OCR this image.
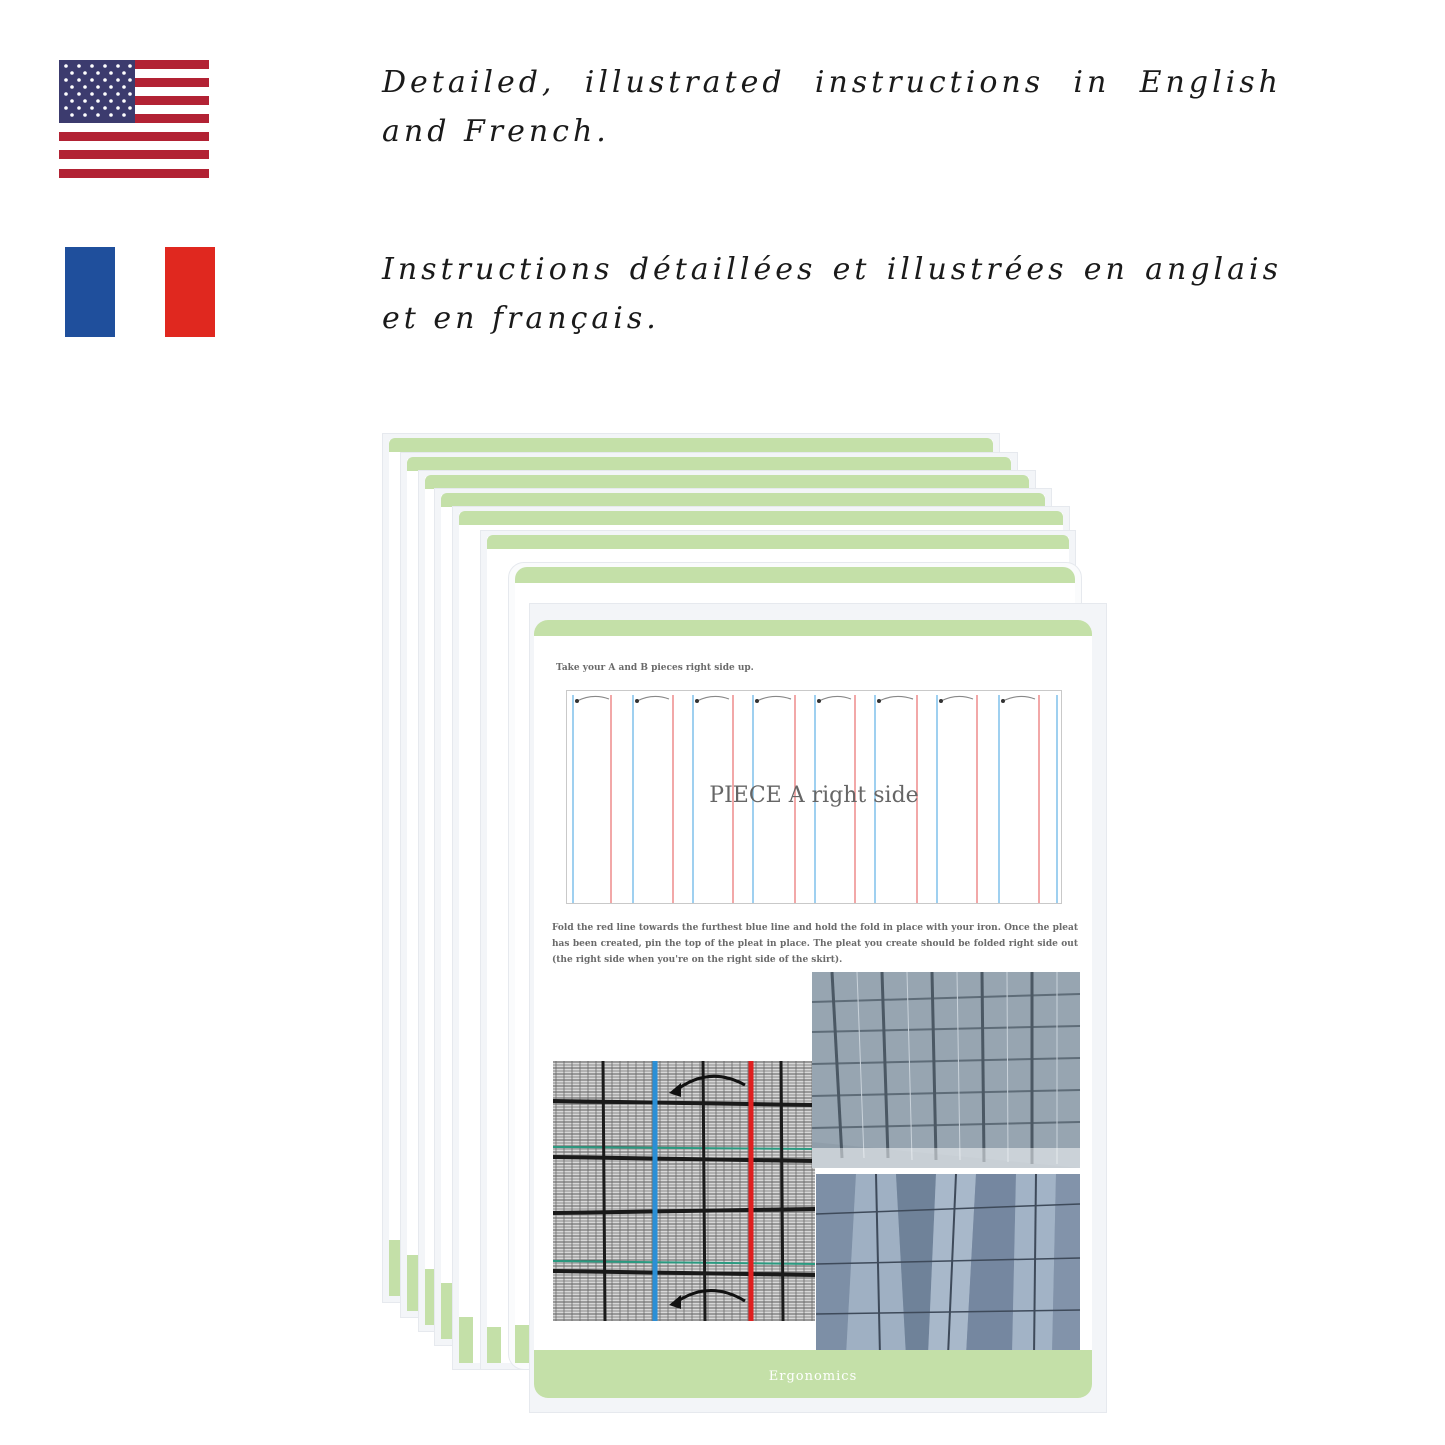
Detailed, illustrated instructions in English and French.
Instructions détaillées et illustrées en anglais et en français.
Take your A and B pieces right side up.
PIECE A right side
Fold the red line towards the furthest blue line and hold the fold in place with your iron. Once the pleat has been created, pin the top of the pleat in place. The pleat you create should be folded right side out (the right side when you're on the right side of the skirt).
Ergonomics
